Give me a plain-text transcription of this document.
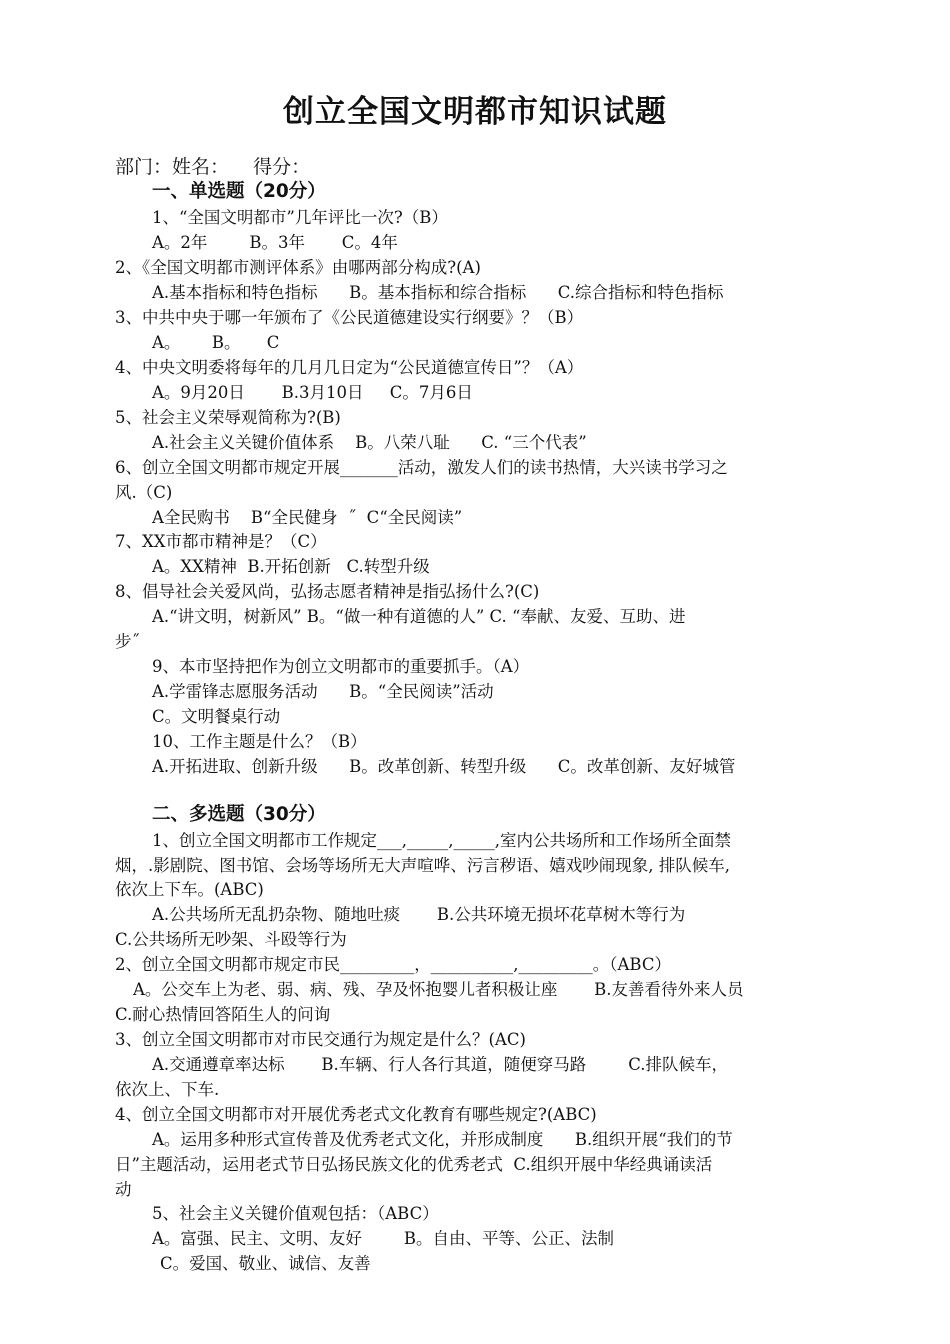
创立全国文明都市知识试题
部门：姓名：    得分：
一、单选题（20分）
1、“全国文明都市”几年评比一次?（B）
A。2年        B。3年       C。4年
2、《全国文明都市测评体系》由哪两部分构成?(A)
A.基本指标和特色指标      B。基本指标和综合指标      C.综合指标和特色指标
3、中共中央于哪一年颁布了《公民道德建设实行纲要》？（B）
A。      B。     C
4、中央文明委将每年的几月几日定为“公民道德宣传日”？（A）
A。9月20日       B.3月10日     C。7月6日
5、社会主义荣辱观简称为?(B)
A.社会主义关键价值体系    B。八荣八耻      C. “三个代表”
6、创立全国文明都市规定开展_______活动，激发人们的读书热情，大兴读书学习之
风.（C)
A全民购书    B“全民健身  ˝  C“全民阅读”
7、XX市都市精神是？（C）
A。XX精神  B.开拓创新   C.转型升级
8、倡导社会关爱风尚，弘扬志愿者精神是指弘扬什么?(C)
A.“讲文明，树新风” B。“做一种有道德的人” C. “奉献、友爱、互助、进
步˝
9、本市坚持把作为创立文明都市的重要抓手。（A）
A.学雷锋志愿服务活动      B。“全民阅读”活动
C。文明餐桌行动
10、工作主题是什么？（B）
A.开拓进取、创新升级      B。改革创新、转型升级      C。改革创新、友好城管
二、多选题（30分）
1、创立全国文明都市工作规定___,_____,_____,室内公共场所和工作场所全面禁
烟，.影剧院、图书馆、会场等场所无大声喧哗、污言秽语、嬉戏吵闹现象, 排队候车,
依次上下车。(ABC)
A.公共场所无乱扔杂物、随地吐痰       B.公共环境无损坏花草树木等行为
C.公共场所无吵架、斗殴等行为
2、创立全国文明都市规定市民_________，__________,_________。（ABC）
A。公交车上为老、弱、病、残、孕及怀抱婴儿者积极让座       B.友善看待外来人员
C.耐心热情回答陌生人的问询
3、创立全国文明都市对市民交通行为规定是什么？(AC)
A.交通遵章率达标       B.车辆、行人各行其道，随便穿马路        C.排队候车，
依次上、下车.
4、创立全国文明都市对开展优秀老式文化教育有哪些规定?(ABC)
A。运用多种形式宣传普及优秀老式文化，并形成制度      B.组织开展“我们的节
日”主题活动，运用老式节日弘扬民族文化的优秀老式  C.组织开展中华经典诵读活
动
5、社会主义关键价值观包括：（ABC）
A。富强、民主、文明、友好        B。自由、平等、公正、法制
C。爱国、敬业、诚信、友善
